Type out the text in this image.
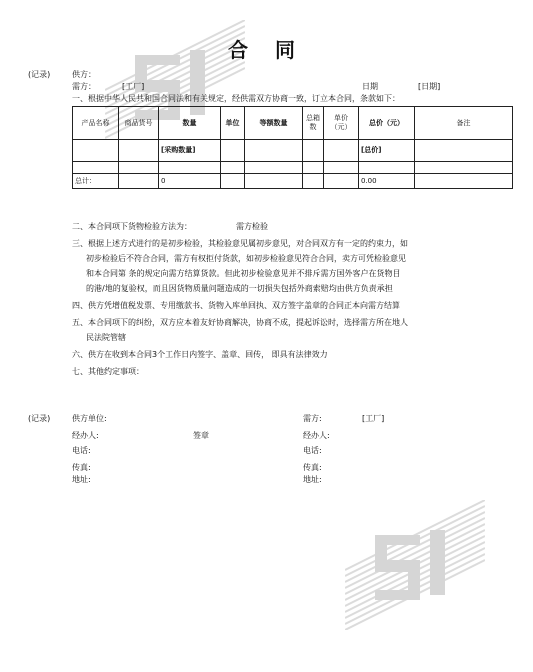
合 同
(记录)	供方：
需方：	[工厂]	日期	[日期]
一、根据中华人民共和国合同法和有关规定，经供需双方协商一致，订立本合同，条款如下：
产品名称	商品货号	数量	单位	等额数量	总箱数	单价（元）	总价（元）	备注
		[采购数量]					[总价]	

总计：		0					0.00	
二、本合同项下货物检验方法为：	需方检验
三、根据上述方式进行的是初步检验，其检验意见属初步意见，对合同双方有一定的约束力，如
初步检验后不符合合同，需方有权拒付货款，如初步检验意见符合合同，卖方可凭检验意见
和本合同第 条的规定向需方结算货款。但此初步检验意见并不排斥需方国外客户在货物目
的港/地的复验权，而且因货物质量问题造成的一切损失包括外商索赔均由供方负责承担
四、供方凭增值税发票、专用缴款书、货物入库单回执、双方签字盖章的合同正本向需方结算
五、本合同项下的纠纷，双方应本着友好协商解决，协商不成，提起诉讼时，选择需方所在地人
民法院管辖
六、供方在收到本合同3个工作日内签字、盖章、回传， 即具有法律效力
七、其他约定事项：
(记录)	供方单位:	需方:	[工厂]
经办人:	签章	经办人:
电话:	电话:
传真:	传真:
地址:	地址:
